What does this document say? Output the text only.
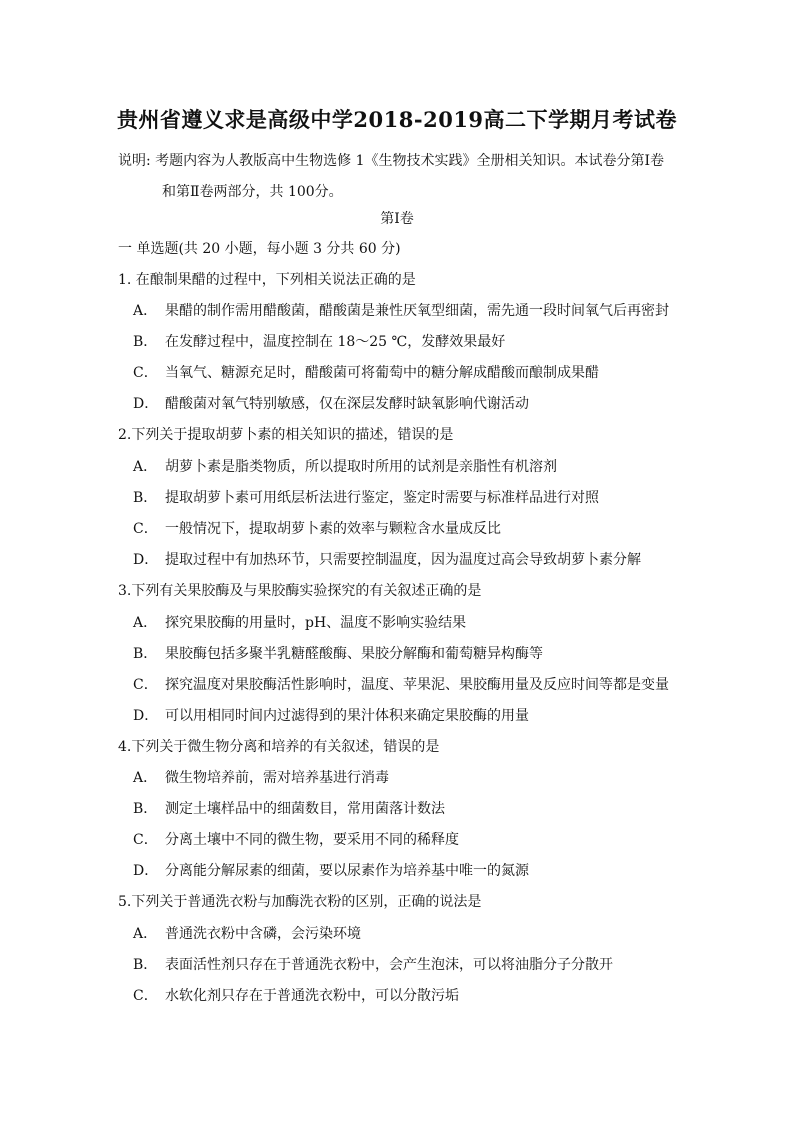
贵州省遵义求是高级中学2018-2019高二下学期月考试卷
说明: 考题内容为人教版高中生物选修 1《生物技术实践》全册相关知识。本试卷分第Ⅰ卷
和第Ⅱ卷两部分，共 100分。
第Ⅰ卷
一 单选题(共 20 小题，每小题 3 分共 60 分)
1. 在酿制果醋的过程中，下列相关说法正确的是
A． 果醋的制作需用醋酸菌，醋酸菌是兼性厌氧型细菌，需先通一段时间氧气后再密封
B． 在发酵过程中，温度控制在 18～25 ℃，发酵效果最好
C． 当氧气、糖源充足时，醋酸菌可将葡萄中的糖分解成醋酸而酿制成果醋
D． 醋酸菌对氧气特别敏感，仅在深层发酵时缺氧影响代谢活动
2.下列关于提取胡萝卜素的相关知识的描述，错误的是
A． 胡萝卜素是脂类物质，所以提取时所用的试剂是亲脂性有机溶剂
B． 提取胡萝卜素可用纸层析法进行鉴定，鉴定时需要与标准样品进行对照
C． 一般情况下，提取胡萝卜素的效率与颗粒含水量成反比
D． 提取过程中有加热环节，只需要控制温度，因为温度过高会导致胡萝卜素分解
3.下列有关果胶酶及与果胶酶实验探究的有关叙述正确的是
A． 探究果胶酶的用量时，pH、温度不影响实验结果
B． 果胶酶包括多聚半乳糖醛酸酶、果胶分解酶和葡萄糖异构酶等
C． 探究温度对果胶酶活性影响时，温度、苹果泥、果胶酶用量及反应时间等都是变量
D． 可以用相同时间内过滤得到的果汁体积来确定果胶酶的用量
4.下列关于微生物分离和培养的有关叙述，错误的是
A． 微生物培养前，需对培养基进行消毒
B． 测定土壤样品中的细菌数目，常用菌落计数法
C． 分离土壤中不同的微生物，要采用不同的稀释度
D． 分离能分解尿素的细菌，要以尿素作为培养基中唯一的氮源
5.下列关于普通洗衣粉与加酶洗衣粉的区别，正确的说法是
A． 普通洗衣粉中含磷，会污染环境
B． 表面活性剂只存在于普通洗衣粉中，会产生泡沫，可以将油脂分子分散开
C． 水软化剂只存在于普通洗衣粉中，可以分散污垢
